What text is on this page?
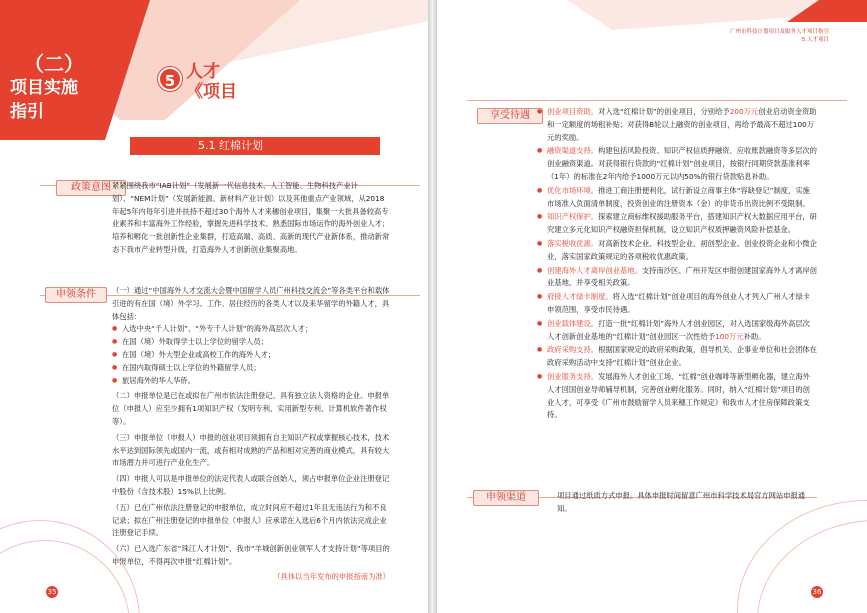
（二）
项目实施
指引
5 人才
《项目
5.1 红棉计划
政策意图 紧紧围绕我市“IAB计划”（发展新一代信息技术、人工智能、生物科技产业计划）、“NEM计划”（发展新能源、新材料产业计划）以及其他重点产业领域，从2018年起5年内每年引进并扶持不超过30个海外人才来穗创业项目，集聚一大批具备较高专业素养和丰富海外工作经验，掌握先进科学技术、熟悉国际市场运作的海外创业人才；培养和孵化一批创新性企业集群，打造高端、高质、高新的现代产业新体系，推动新常态下我市产业转型升级，打造海外人才创新创业集聚高地。
申领条件	（一）通过“中国海外人才交流大会暨中国留学人员广州科技交流会”等各类平台和载体引进的有在国（境）外学习、工作、居住经历的各类人才以及来华留学的外籍人才，具体包括：

● 入选中央“千人计划”、“外专千人计划”的海外高层次人才；
● 在国（境）外取得学士以上学位的留学人员；
● 在国（境）外大型企业或高校工作的海外人才；
● 在国内取得硕士以上学位的外籍留学人员；
● 旅居海外的华人华侨。

（二）申报单位是已在或拟在广州市依法注册登记、具有独立法人资格的企业。申报单位（申报人）应至少拥有1项知识产权（发明专利、实用新型专利、计算机软件著作权等）。

（三）申报单位（申报人）申报的创业项目须拥有自主知识产权或掌握核心技术，技术水平达到国际领先或国内一流，或有相对成熟的产品和相对完善的商业模式，具有较大市场潜力并可进行产业化生产。

（四）申报人可以是申报单位的法定代表人或联合创始人，须占申报单位企业注册登记中股份（含技术股）15%以上比例。

（五）已在广州依法注册登记的申报单位，成立时间应不超过1年且无违法行为和不良记录；拟在广州注册登记的申报单位（申报人）应承诺在入选后6个月内依法完成企业注册登记手续。

（六）已入选广东省“珠江人才计划”、我市“羊城创新创业领军人才支持计划”等项目的申报单位，不得再次申报“红棉计划”。

（具体以当年发布的申报指南为准）

35
广州市科技计划项目及服务人才项目指引
5.人才项目
享受待遇
●	创业项目资助。对入选“红棉计划”的创业项目，分别给予200万元创业启动资金资助和一定额度的场租补贴；对获得B轮以上融资的创业项目，再给予最高不超过100万元的奖励。
● 融资渠道支持。构建包括风险投资、知识产权信质押融资、应收账款融资等多层次的创业融资渠道。对获得银行贷款的“红棉计划”创业项目，按银行同期贷款基准利率（1年）的标准在2年内给予1000万元以内50%的银行贷款贴息补助。
● 优化市场环境。推进工商注册便利化，试行新设立商事主体“容缺登记”制度，实施市场准入负面清单制度，投资创业的注册资本（金）的非货币出资比例不受限制。
● 知识产权保护。探索建立商标维权援助服务平台，搭建知识产权大数据应用平台，研究建立多元化知识产权融资担保机制，设立知识产权质押融资风险补偿基金。
● 落实税收优惠。对高新技术企业、科技型企业、初创型企业、创业投资企业和小微企业，落实国家政策规定的各项税收优惠政策。
● 创建海外人才离岸创业基地。支持南沙区、广州开发区申报创建国家海外人才离岸创业基地，并享受相关政策。
● 府接人才绿卡制度。将入选“红棉计划”创业项目的海外创业人才列入广州人才绿卡申领范围，享受市民待遇。
● 创业载体建设。打造一批“红棉计划”海外人才创业园区，对入选国家级海外高层次人才创新创业基地的“红棉计划”创业园区一次性给予100万元补助。
● 政府采购支持。根据国家规定的政府采购政策，倡导机关、企事业单位和社会团体在政府采购活动中支持“红棉计划”创业企业。
● 创业服务支持。发展海外人才创业工场、“红棉”创业咖啡等新型孵化器，建立海外人才回国创业导师辅导机制，完善创业孵化服务。同时，纳入“红棉计划”项目的创业人才，可享受《广州市鼓励留学人员来穗工作规定》和我市人才住房保障政策支持。
申领渠道	项目通过纸质方式申报。具体申报时间留意广州市科学技术局官方网站申报通知。
36
